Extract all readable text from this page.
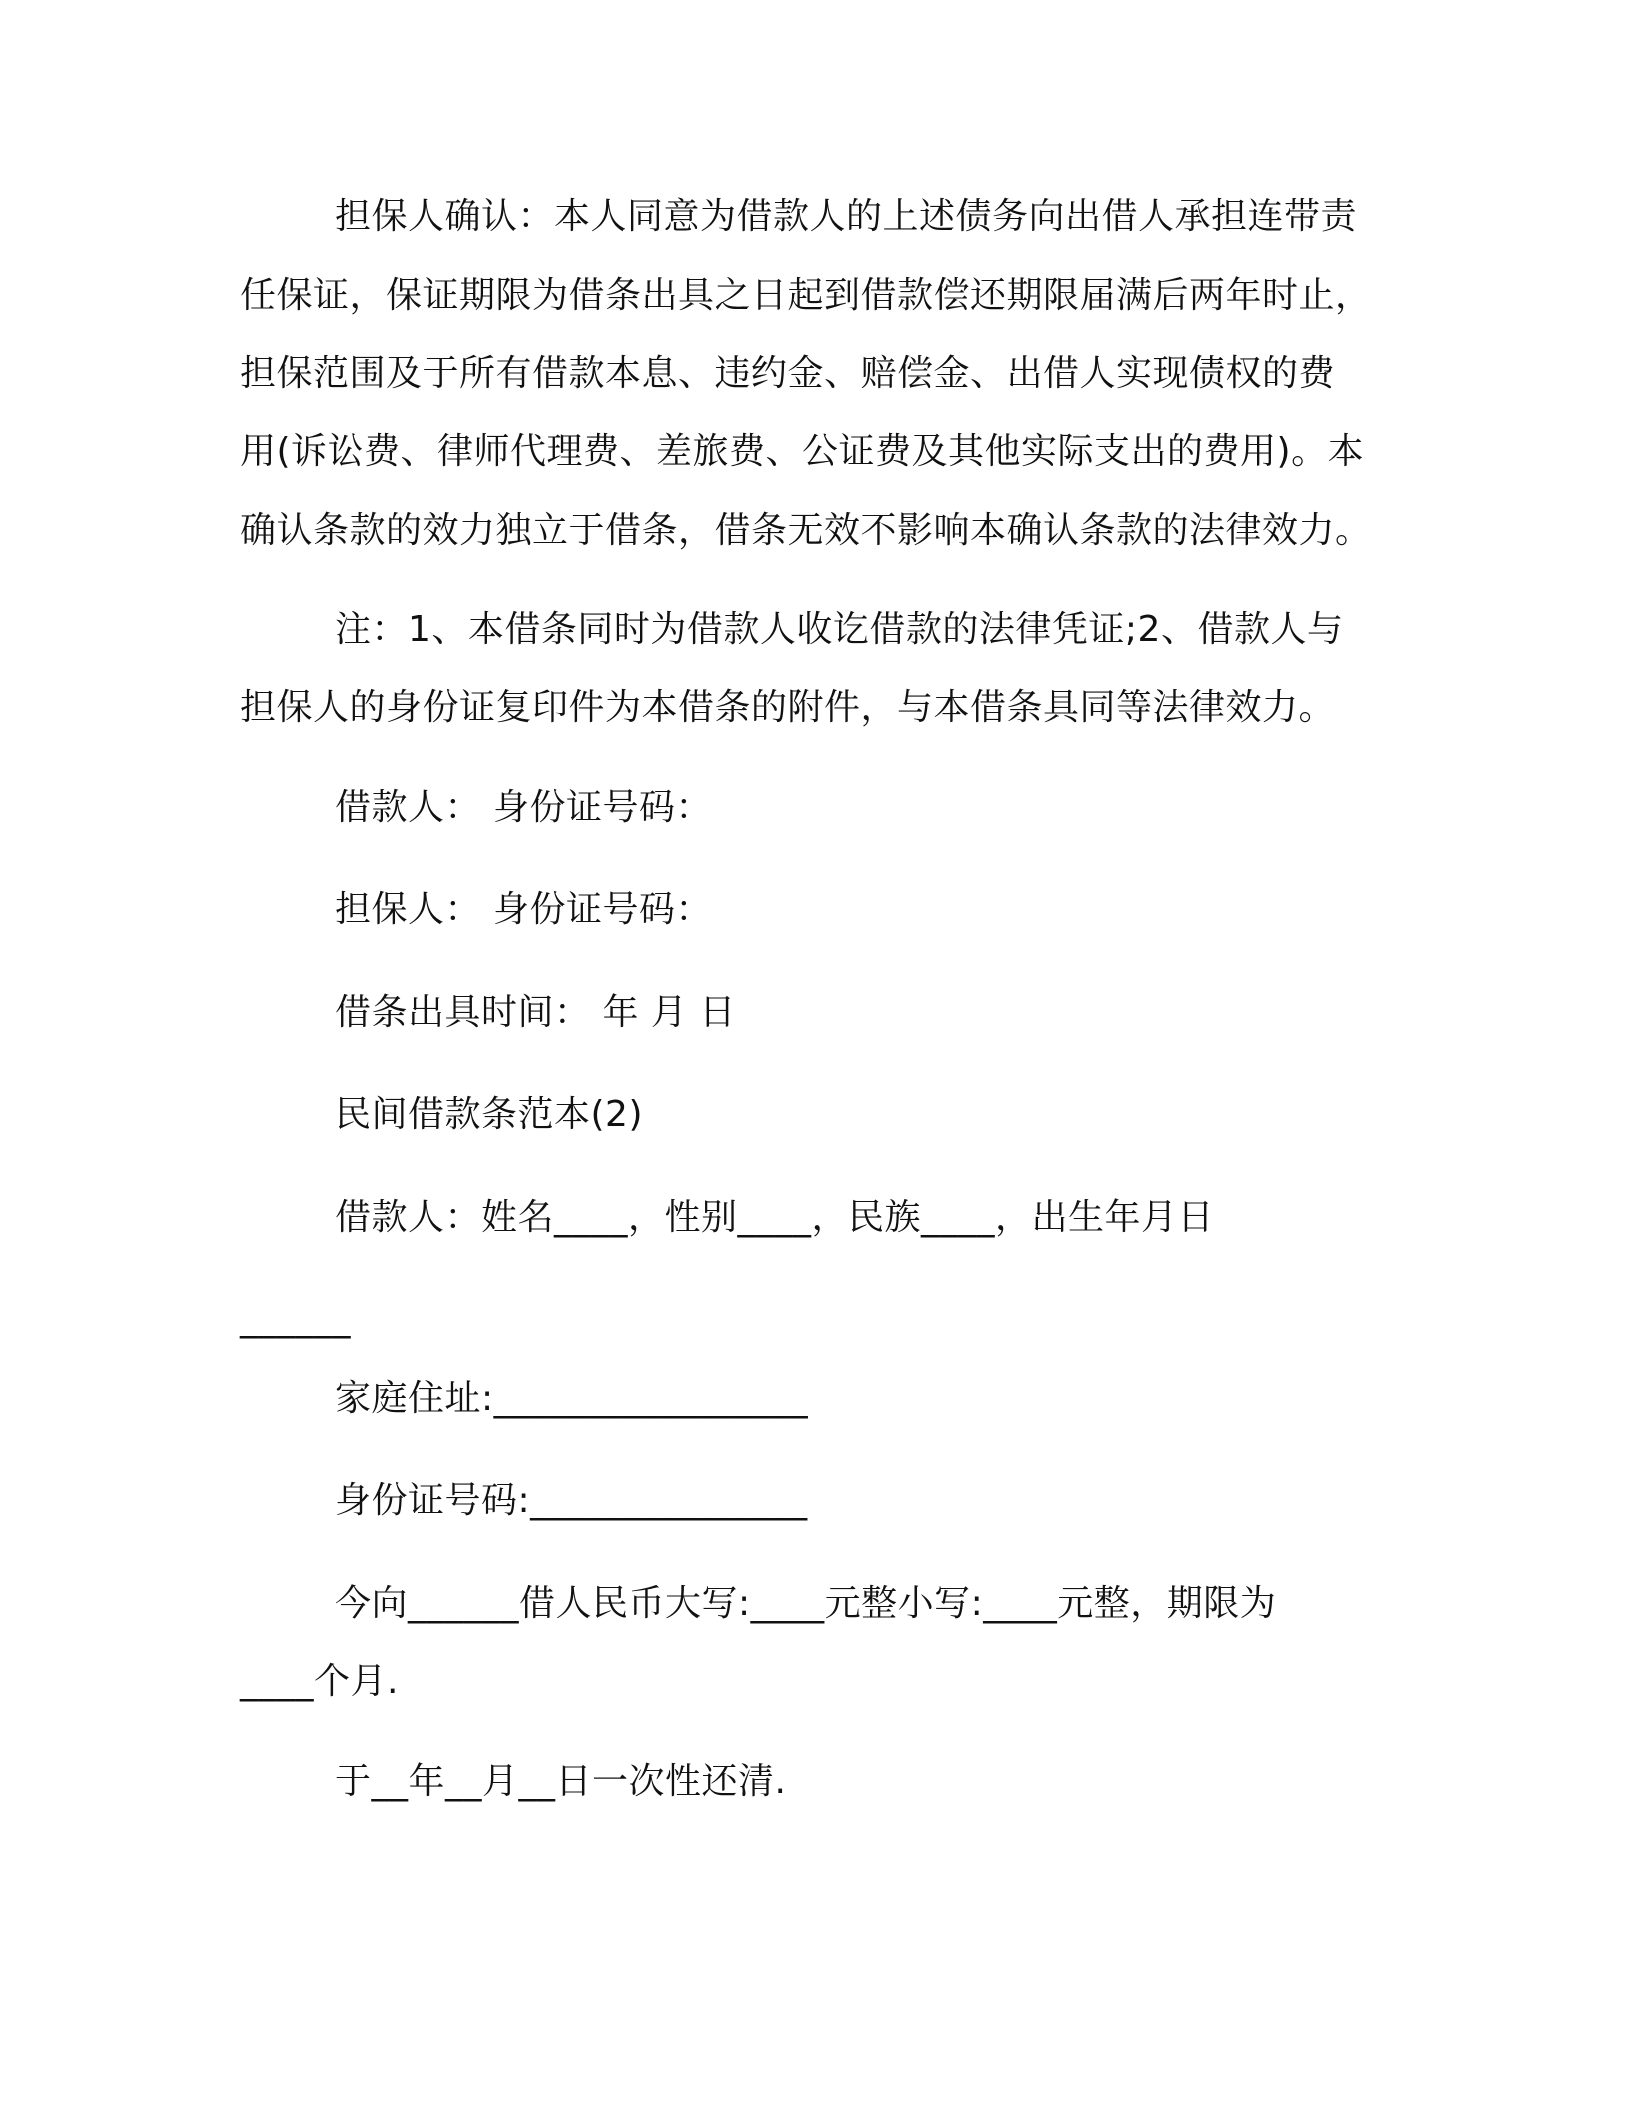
担保人确认：本人同意为借款人的上述债务向出借人承担连带责
任保证，保证期限为借条出具之日起到借款偿还期限届满后两年时止，
担保范围及于所有借款本息、违约金、赔偿金、出借人实现债权的费
用(诉讼费、律师代理费、差旅费、公证费及其他实际支出的费用)。本
确认条款的效力独立于借条，借条无效不影响本确认条款的法律效力。
注：1、本借条同时为借款人收讫借款的法律凭证;2、借款人与
担保人的身份证复印件为本借条的附件，与本借条具同等法律效力。
借款人： 身份证号码：
担保人： 身份证号码：
借条出具时间： 年 月 日
民间借款条范本(2)
借款人：姓名____，性别____，民族____，出生年月日
______
家庭住址:_________________
身份证号码:_______________
今向______借人民币大写:____元整小写:____元整，期限为
____个月.
于__年__月__日一次性还清.
